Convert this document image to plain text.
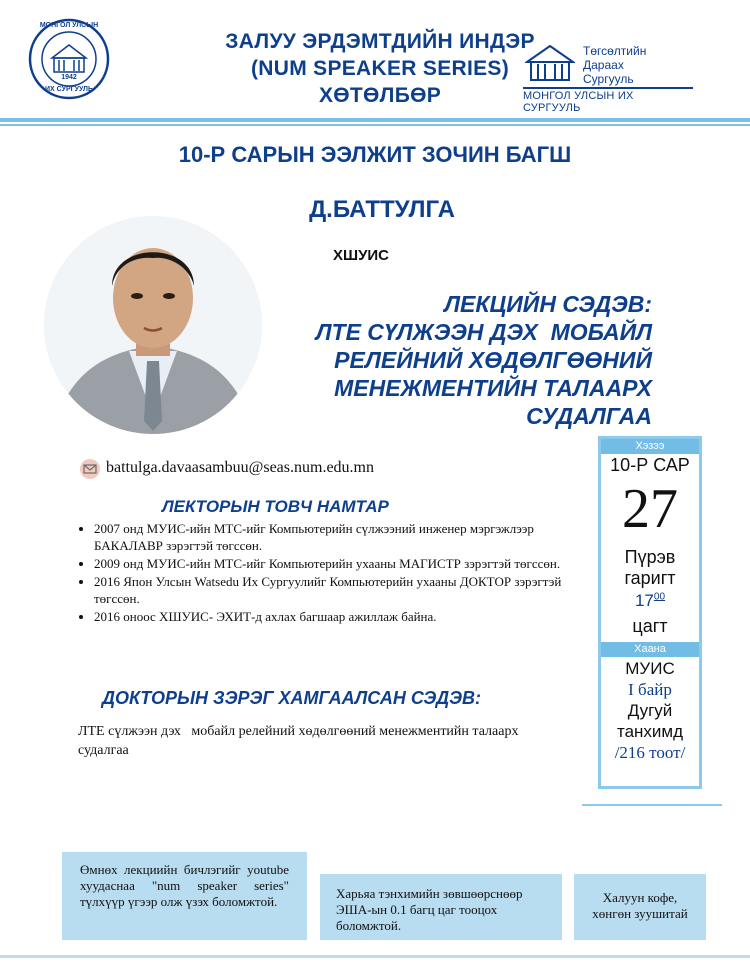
МОНГОЛ УЛСЫН
1942
ИХ СУРГУУЛЬ
ЗАЛУУ ЭРДЭМТДИЙН ИНДЭР
(NUM SPEAKER SERIES)
ХӨТӨЛБӨР
Төгсөлтийн
Дараах
Сургууль
МОНГОЛ УЛСЫН ИХ СУРГУУЛЬ
10-Р САРЫН ЭЭЛЖИТ ЗОЧИН БАГШ
Д.БАТТУЛГА
ХШУИС
ЛЕКЦИЙН СЭДЭВ:
ЛТЕ СҮЛЖЭЭН ДЭХ  МОБАЙЛ
РЕЛЕЙНИЙ ХӨДӨЛГӨӨНИЙ
МЕНЕЖМЕНТИЙН ТАЛААРХ
СУДАЛГАА
battulga.davaasambuu@seas.num.edu.mn
ЛЕКТОРЫН ТОВЧ НАМТАР
• 2007 онд МУИС-ийн МТС-ийг Компьютерийн сүлжээний инженер мэргэжлээр БАКАЛАВР зэрэгтэй төгссөн.
• 2009 онд МУИС-ийн МТС-ийг Компьютерийн ухааны МАГИСТР зэрэгтэй төгссөн.
• 2016 Япон Улсын Watsedu Их Сургуулийг Компьютерийн ухааны ДОКТОР зэрэгтэй төгссөн.
• 2016 оноос ХШУИС- ЭХИТ-д ахлах багшаар ажиллаж байна.
ДОКТОРЫН ЗЭРЭГ ХАМГААЛСАН СЭДЭВ:
ЛТЕ сүлжээн дэх   мобайл релейний хөдөлгөөний менежментийн талаарх судалгаа
Хэзээ
10-Р САР
27
Пүрэв
гаригт
$17^{00}$
цагт
Хаана
МУИС
I байр
Дугуй
танхимд
/216 тоот/
Өмнөх лекциийн бичлэгийг youtube хуудаснаа "num speaker series" түлхүүр үгээр олж үзэх боломжтой.
Харьяа тэнхимийн зөвшөөрснөөр ЭША-ын 0.1 багц цаг тооцох боломжтой.
Халуун кофе,
хөнгөн зуушитай
